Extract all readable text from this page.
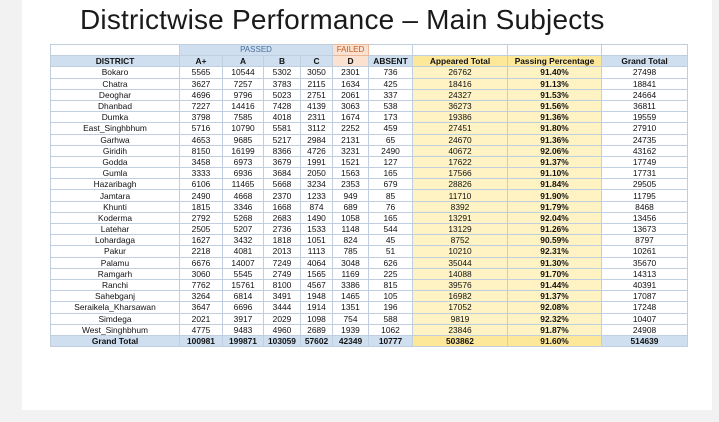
Districtwise Performance – Main Subjects
	PASSED				FAILED				
DISTRICT	A+	A	B	C	D	ABSENT	Appeared Total	Passing Percentage	Grand Total
Bokaro	5565	10544	5302	3050	2301	736	26762	91.40%	27498
Chatra	3627	7257	3783	2115	1634	425	18416	91.13%	18841
Deoghar	4696	9796	5023	2751	2061	337	24327	91.53%	24664
Dhanbad	7227	14416	7428	4139	3063	538	36273	91.56%	36811
Dumka	3798	7585	4018	2311	1674	173	19386	91.36%	19559
East_Singhbhum	5716	10790	5581	3112	2252	459	27451	91.80%	27910
Garhwa	4653	9685	5217	2984	2131	65	24670	91.36%	24735
Giridih	8150	16199	8366	4726	3231	2490	40672	92.06%	43162
Godda	3458	6973	3679	1991	1521	127	17622	91.37%	17749
Gumla	3333	6936	3684	2050	1563	165	17566	91.10%	17731
Hazaribagh	6106	11465	5668	3234	2353	679	28826	91.84%	29505
Jamtara	2490	4668	2370	1233	949	85	11710	91.90%	11795
Khunti	1815	3346	1668	874	689	76	8392	91.79%	8468
Koderma	2792	5268	2683	1490	1058	165	13291	92.04%	13456
Latehar	2505	5207	2736	1533	1148	544	13129	91.26%	13673
Lohardaga	1627	3432	1818	1051	824	45	8752	90.59%	8797
Pakur	2218	4081	2013	1113	785	51	10210	92.31%	10261
Palamu	6676	14007	7249	4064	3048	626	35044	91.30%	35670
Ramgarh	3060	5545	2749	1565	1169	225	14088	91.70%	14313
Ranchi	7762	15761	8100	4567	3386	815	39576	91.44%	40391
Sahebganj	3264	6814	3491	1948	1465	105	16982	91.37%	17087
Seraikela_Kharsawan	3647	6696	3444	1914	1351	196	17052	92.08%	17248
Simdega	2021	3917	2029	1098	754	588	9819	92.32%	10407
West_Singhbhum	4775	9483	4960	2689	1939	1062	23846	91.87%	24908
Grand Total	100981	199871	103059	57602	42349	10777	503862	91.60%	514639
